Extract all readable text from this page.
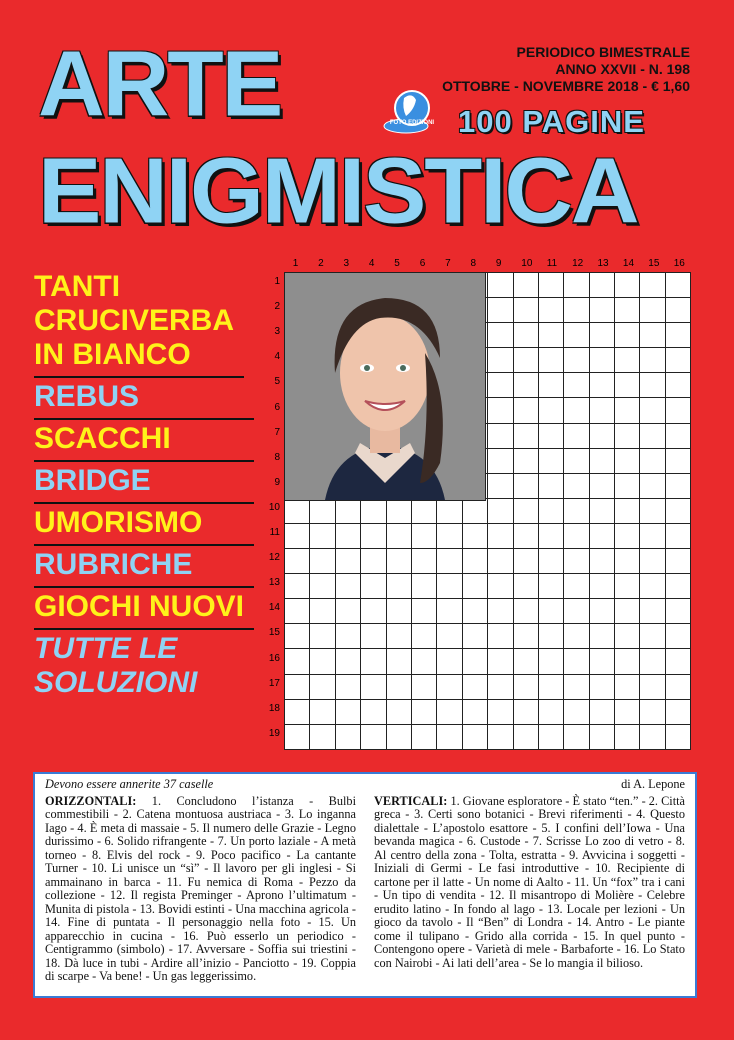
ARTE
ENIGMISTICA
PERIODICO BIMESTRALE
ANNO XXVII - N. 198
OTTOBRE - NOVEMBRE 2018 - € 1,60
FOTO EDIZIONI 100 PAGINE
TANTI CRUCIVERBA IN BIANCO
REBUS
SCACCHI
BRIDGE
UMORISMO
RUBRICHE
GIOCHI NUOVI
TUTTE LE SOLUZIONI
1 2 3 4 5 6 7 8 9 10 11 12 13 14 15 16
1
2
3
4
5
6
7
8
9
10
11
12
13
14
15
16
17
18
19

Devono essere annerite 37 caselle	di A. Lepone
ORIZZONTALI: 1. Concludono l’istanza - Bulbi commestibili - 2. Catena montuosa austriaca - 3. Lo inganna Iago - 4. È meta di massaie - 5. Il numero delle Grazie - Legno durissimo - 6. Solido rifrangente - 7. Un porto laziale - A metà torneo - 8. Elvis del rock - 9. Poco pacifico - La cantante Turner - 10. Li unisce un “sì” - Il lavoro per gli inglesi - Si ammainano in barca - 11. Fu nemica di Roma - Pezzo da collezione - 12. Il regista Preminger - Aprono l’ultimatum - Munita di pistola - 13. Bovidi estinti - Una macchina agricola - 14. Fine di puntata - Il personaggio nella foto - 15. Un apparecchio in cucina - 16. Può esserlo un periodico - Centigrammo (simbolo) - 17. Avversare - Soffia sui triestini - 18. Dà luce in tubi - Ardire all’inizio - Panciotto - 19. Coppia di scarpe - Va bene! - Un gas leggerissimo.
VERTICALI: 1. Giovane esploratore - È stato “ten.” - 2. Città greca - 3. Certi sono botanici - Brevi riferimenti - 4. Questo dialettale - L’apostolo esattore - 5. I confini dell’Iowa - Una bevanda magica - 6. Custode - 7. Scrisse Lo zoo di vetro - 8. Al centro della zona - Tolta, estratta - 9. Avvicina i soggetti - Iniziali di Germi - Le fasi introduttive - 10. Recipiente di cartone per il latte - Un nome di Aalto - 11. Un “fox” tra i cani - Un tipo di vendita - 12. Il misantropo di Molière - Celebre erudito latino - In fondo al lago - 13. Locale per lezioni - Un gioco da tavolo - Il “Ben” di Londra - 14. Antro - Le piante come il tulipano - Grido alla corrida - 15. In quel punto - Contengono opere - Varietà di mele - Barbaforte - 16. Lo Stato con Nairobi - Ai lati dell’area - Se lo mangia il bilioso.
